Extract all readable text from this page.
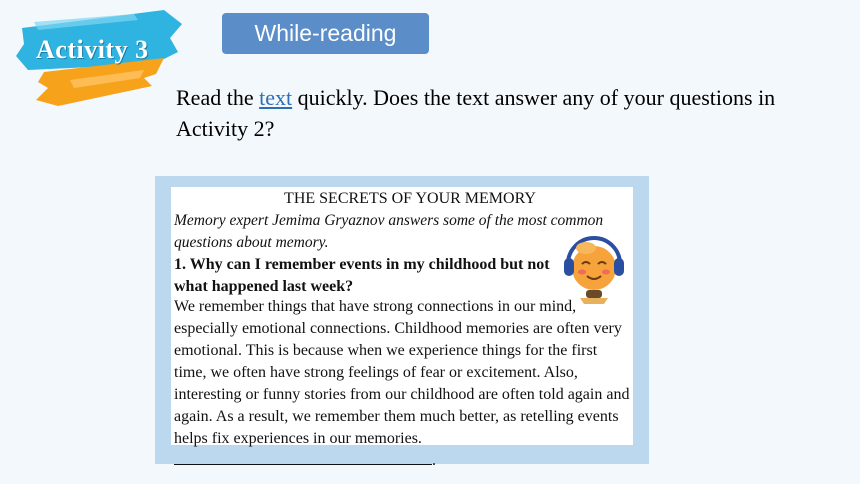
Activity 3
While-reading
Read the text quickly. Does the text answer any of your questions in Activity 2?
THE SECRETS OF YOUR MEMORY
Memory expert Jemima Gryaznov answers some of the most common questions about memory.
1. Why can I remember events in my childhood but not what happened last week?
We remember things that have strong connections in our mind, especially emotional connections. Childhood memories are often very emotional. This is because when we experience things for the first time, we often have strong feelings of fear or excitement. Also, interesting or funny stories from our childhood are often told again and again. As a result, we remember them much better, as retelling events helps fix experiences in our memories. .
